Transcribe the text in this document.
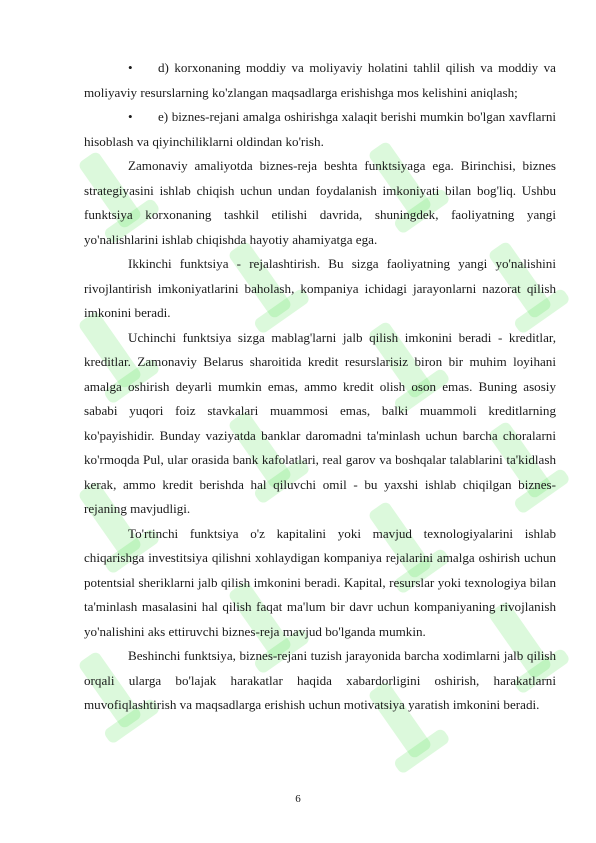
• d) korxonaning moddiy va moliyaviy holatini tahlil qilish va moddiy va moliyaviy resurslarning ko'zlangan maqsadlarga erishishga mos kelishini aniqlash;

• e) biznes-rejani amalga oshirishga xalaqit berishi mumkin bo'lgan xavflarni hisoblash va qiyinchiliklarni oldindan ko'rish.

Zamonaviy amaliyotda biznes-reja beshta funktsiyaga ega. Birinchisi, biznes strategiyasini ishlab chiqish uchun undan foydalanish imkoniyati bilan bog'liq. Ushbu funktsiya korxonaning tashkil etilishi davrida, shuningdek, faoliyatning yangi yo'nalishlarini ishlab chiqishda hayotiy ahamiyatga ega.

Ikkinchi funktsiya - rejalashtirish. Bu sizga faoliyatning yangi yo'nalishini rivojlantirish imkoniyatlarini baholash, kompaniya ichidagi jarayonlarni nazorat qilish imkonini beradi.

Uchinchi funktsiya sizga mablag'larni jalb qilish imkonini beradi - kreditlar, kreditlar. Zamonaviy Belarus sharoitida kredit resurslarisiz biron bir muhim loyihani amalga oshirish deyarli mumkin emas, ammo kredit olish oson emas. Buning asosiy sababi yuqori foiz stavkalari muammosi emas, balki muammoli kreditlarning ko'payishidir. Bunday vaziyatda banklar daromadni ta'minlash uchun barcha choralarni ko'rmoqda Pul, ular orasida bank kafolatlari, real garov va boshqalar talablarini ta'kidlash kerak, ammo kredit berishda hal qiluvchi omil - bu yaxshi ishlab chiqilgan biznes-rejaning mavjudligi.

To'rtinchi funktsiya o'z kapitalini yoki mavjud texnologiyalarini ishlab chiqarishga investitsiya qilishni xohlaydigan kompaniya rejalarini amalga oshirish uchun potentsial sheriklarni jalb qilish imkonini beradi. Kapital, resurslar yoki texnologiya bilan ta'minlash masalasini hal qilish faqat ma'lum bir davr uchun kompaniyaning rivojlanish yo'nalishini aks ettiruvchi biznes-reja mavjud bo'lganda mumkin.

Beshinchi funktsiya, biznes-rejani tuzish jarayonida barcha xodimlarni jalb qilish orqali ularga bo'lajak harakatlar haqida xabardorligini oshirish, harakatlarni muvofiqlashtirish va maqsadlarga erishish uchun motivatsiya yaratish imkonini beradi.

6
